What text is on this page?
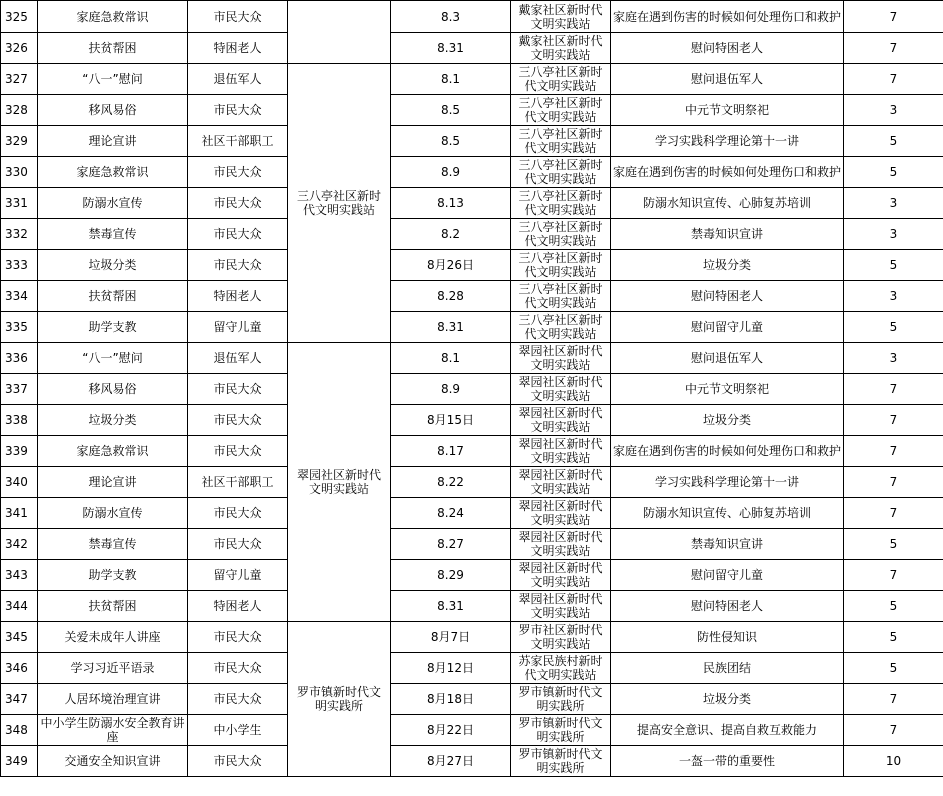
325	家庭急救常识	市民大众		8.3	戴家社区新时代文明实践站	家庭在遇到伤害的时候如何处理伤口和救护	7
326	扶贫帮困	特困老人		8.31	戴家社区新时代文明实践站	慰问特困老人	7
327	“八一”慰问	退伍军人	三八亭社区新时代文明实践站	8.1	三八亭社区新时代文明实践站	慰问退伍军人	7
328	移风易俗	市民大众		8.5	三八亭社区新时代文明实践站	中元节文明祭祀	3
329	理论宣讲	社区干部职工		8.5	三八亭社区新时代文明实践站	学习实践科学理论第十一讲	5
330	家庭急救常识	市民大众		8.9	三八亭社区新时代文明实践站	家庭在遇到伤害的时候如何处理伤口和救护	5
331	防溺水宣传	市民大众		8.13	三八亭社区新时代文明实践站	防溺水知识宣传、心肺复苏培训	3
332	禁毒宣传	市民大众		8.2	三八亭社区新时代文明实践站	禁毒知识宣讲	3
333	垃圾分类	市民大众		8月26日	三八亭社区新时代文明实践站	垃圾分类	5
334	扶贫帮困	特困老人		8.28	三八亭社区新时代文明实践站	慰问特困老人	3
335	助学支教	留守儿童		8.31	三八亭社区新时代文明实践站	慰问留守儿童	5
336	“八一”慰问	退伍军人	翠园社区新时代文明实践站	8.1	翠园社区新时代文明实践站	慰问退伍军人	3
337	移风易俗	市民大众		8.9	翠园社区新时代文明实践站	中元节文明祭祀	7
338	垃圾分类	市民大众		8月15日	翠园社区新时代文明实践站	垃圾分类	7
339	家庭急救常识	市民大众		8.17	翠园社区新时代文明实践站	家庭在遇到伤害的时候如何处理伤口和救护	7
340	理论宣讲	社区干部职工		8.22	翠园社区新时代文明实践站	学习实践科学理论第十一讲	7
341	防溺水宣传	市民大众		8.24	翠园社区新时代文明实践站	防溺水知识宣传、心肺复苏培训	7
342	禁毒宣传	市民大众		8.27	翠园社区新时代文明实践站	禁毒知识宣讲	5
343	助学支教	留守儿童		8.29	翠园社区新时代文明实践站	慰问留守儿童	7
344	扶贫帮困	特困老人		8.31	翠园社区新时代文明实践站	慰问特困老人	5
345	关爱未成年人讲座	市民大众	罗市镇新时代文明实践所	8月7日	罗市社区新时代文明实践站	防性侵知识	5
346	学习习近平语录	市民大众		8月12日	苏家民族村新时代文明实践站	民族团结	5
347	人居环境治理宣讲	市民大众		8月18日	罗市镇新时代文明实践所	垃圾分类	7
348	中小学生防溺水安全教育讲座	中小学生		8月22日	罗市镇新时代文明实践所	提高安全意识、提高自救互救能力	7
349	交通安全知识宣讲	市民大众		8月27日	罗市镇新时代文明实践所	一盔一带的重要性	10
